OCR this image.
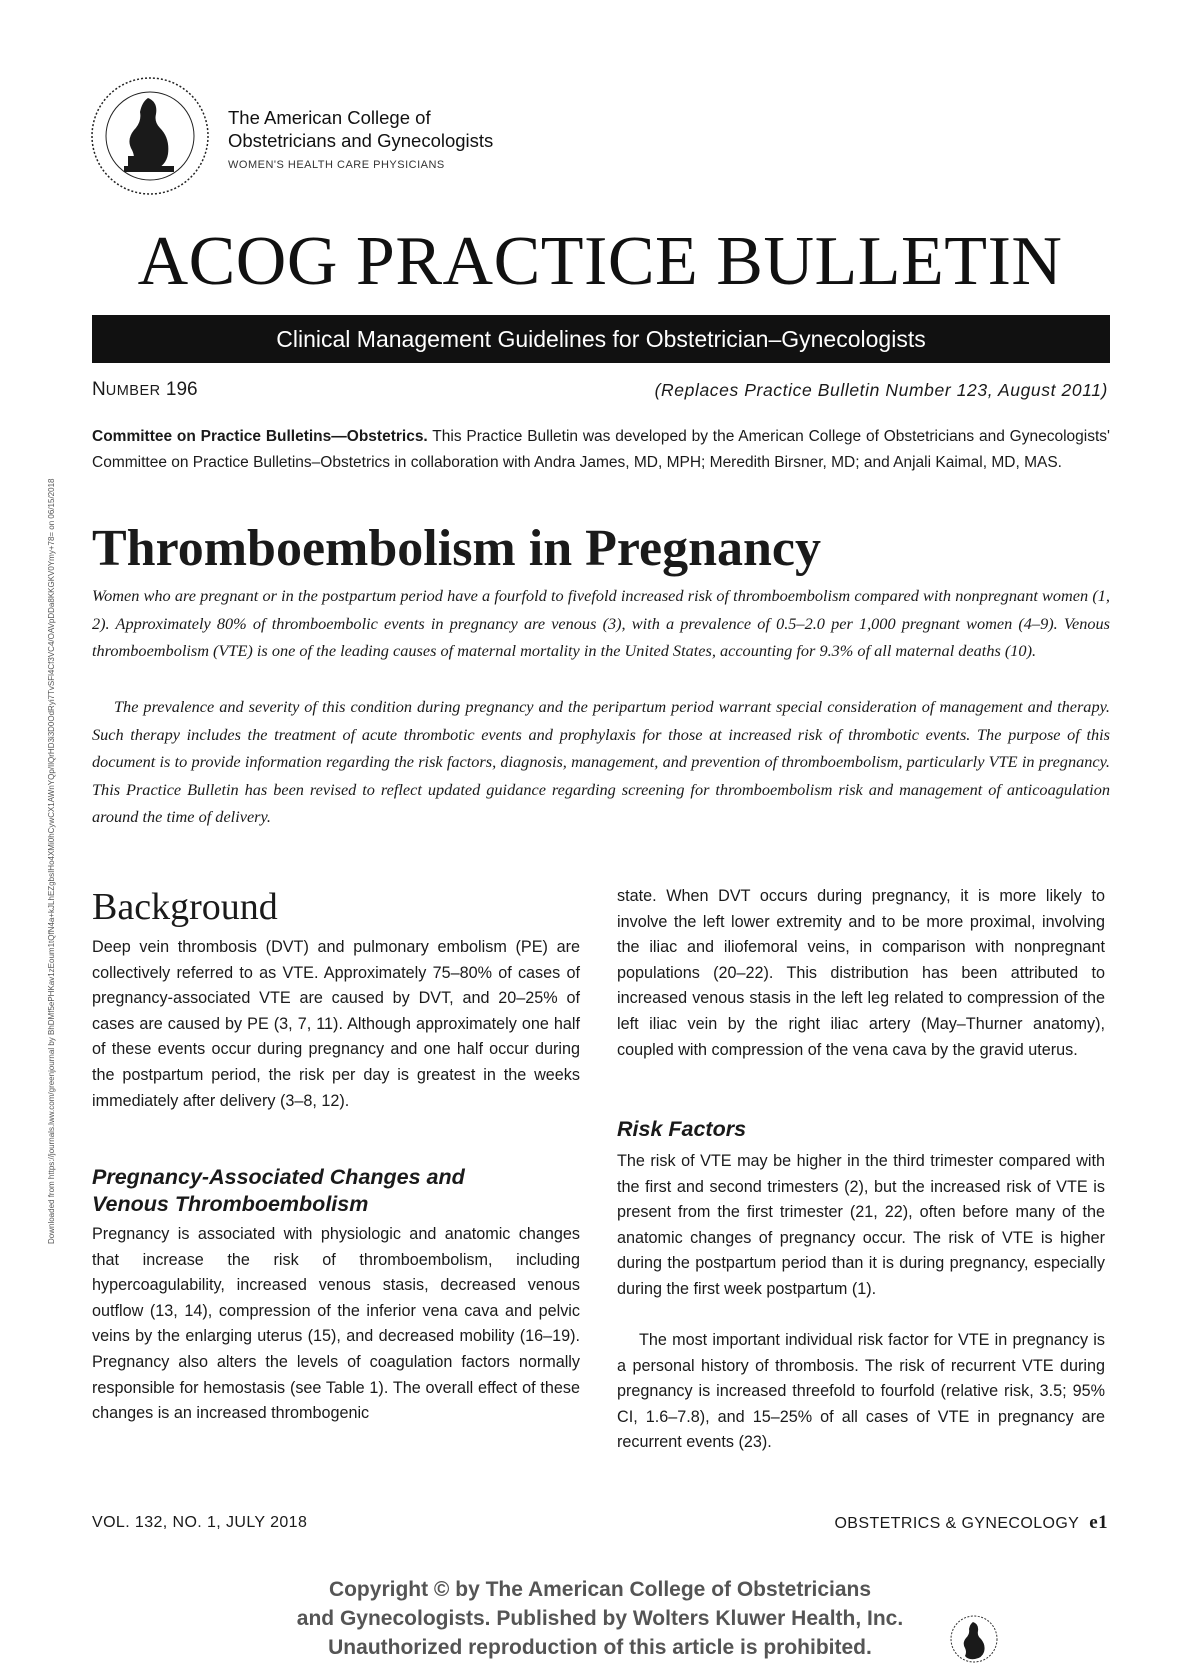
The American College of
Obstetricians and Gynecologists
WOMEN'S HEALTH CARE PHYSICIANS
ACOG PRACTICE BULLETIN
Clinical Management Guidelines for Obstetrician–Gynecologists
NUMBER 196	(Replaces Practice Bulletin Number 123, August 2011)

Committee on Practice Bulletins—Obstetrics. This Practice Bulletin was developed by the American College of Obstetricians and Gynecologists' Committee on Practice Bulletins–Obstetrics in collaboration with Andra James, MD, MPH; Meredith Birsner, MD; and Anjali Kaimal, MD, MAS.

Thromboembolism in Pregnancy

Women who are pregnant or in the postpartum period have a fourfold to fivefold increased risk of thromboembolism compared with nonpregnant women (1, 2). Approximately 80% of thromboembolic events in pregnancy are venous (3), with a prevalence of 0.5–2.0 per 1,000 pregnant women (4–9). Venous thromboembolism (VTE) is one of the leading causes of maternal mortality in the United States, accounting for 9.3% of all maternal deaths (10).

The prevalence and severity of this condition during pregnancy and the peripartum period warrant special consideration of management and therapy. Such therapy includes the treatment of acute thrombotic events and prophylaxis for those at increased risk of thrombotic events. The purpose of this document is to provide information regarding the risk factors, diagnosis, management, and prevention of thromboembolism, particularly VTE in pregnancy. This Practice Bulletin has been revised to reflect updated guidance regarding screening for thromboembolism risk and management of anticoagulation around the time of delivery.

Background

Deep vein thrombosis (DVT) and pulmonary embolism (PE) are collectively referred to as VTE. Approximately 75–80% of cases of pregnancy-associated VTE are caused by DVT, and 20–25% of cases are caused by PE (3, 7, 11). Although approximately one half of these events occur during pregnancy and one half occur during the postpartum period, the risk per day is greatest in the weeks immediately after delivery (3–8, 12).

Pregnancy-Associated Changes and
Venous Thromboembolism

Pregnancy is associated with physiologic and anatomic changes that increase the risk of thromboembolism, including hypercoagulability, increased venous stasis, decreased venous outflow (13, 14), compression of the inferior vena cava and pelvic veins by the enlarging uterus (15), and decreased mobility (16–19). Pregnancy also alters the levels of coagulation factors normally responsible for hemostasis (see Table 1). The overall effect of these changes is an increased thrombogenic

state. When DVT occurs during pregnancy, it is more likely to involve the left lower extremity and to be more proximal, involving the iliac and iliofemoral veins, in comparison with nonpregnant populations (20–22). This distribution has been attributed to increased venous stasis in the left leg related to compression of the left iliac vein by the right iliac artery (May–Thurner anatomy), coupled with compression of the vena cava by the gravid uterus.

Risk Factors

The risk of VTE may be higher in the third trimester compared with the first and second trimesters (2), but the increased risk of VTE is present from the first trimester (21, 22), often before many of the anatomic changes of pregnancy occur. The risk of VTE is higher during the postpartum period than it is during pregnancy, especially during the first week postpartum (1).

The most important individual risk factor for VTE in pregnancy is a personal history of thrombosis. The risk of recurrent VTE during pregnancy is increased threefold to fourfold (relative risk, 3.5; 95% CI, 1.6–7.8), and 15–25% of all cases of VTE in pregnancy are recurrent events (23).

VOL. 132, NO. 1, JULY 2018	OBSTETRICS & GYNECOLOGY e1
Copyright © by The American College of Obstetricians
and Gynecologists. Published by Wolters Kluwer Health, Inc.
Unauthorized reproduction of this article is prohibited.
Downloaded from https://journals.lww.com/greenjournal by BhDMf5ePHKav1zEoum1tQfN4a+kJLhEZgbsIHo4XMi0hCywCX1AWnYQp/IlQrHD3i3D0OdRyi7TvSFl4Cf3VC4/OAVpDDa8KKGKV0Ymy+78= on 06/15/2018
